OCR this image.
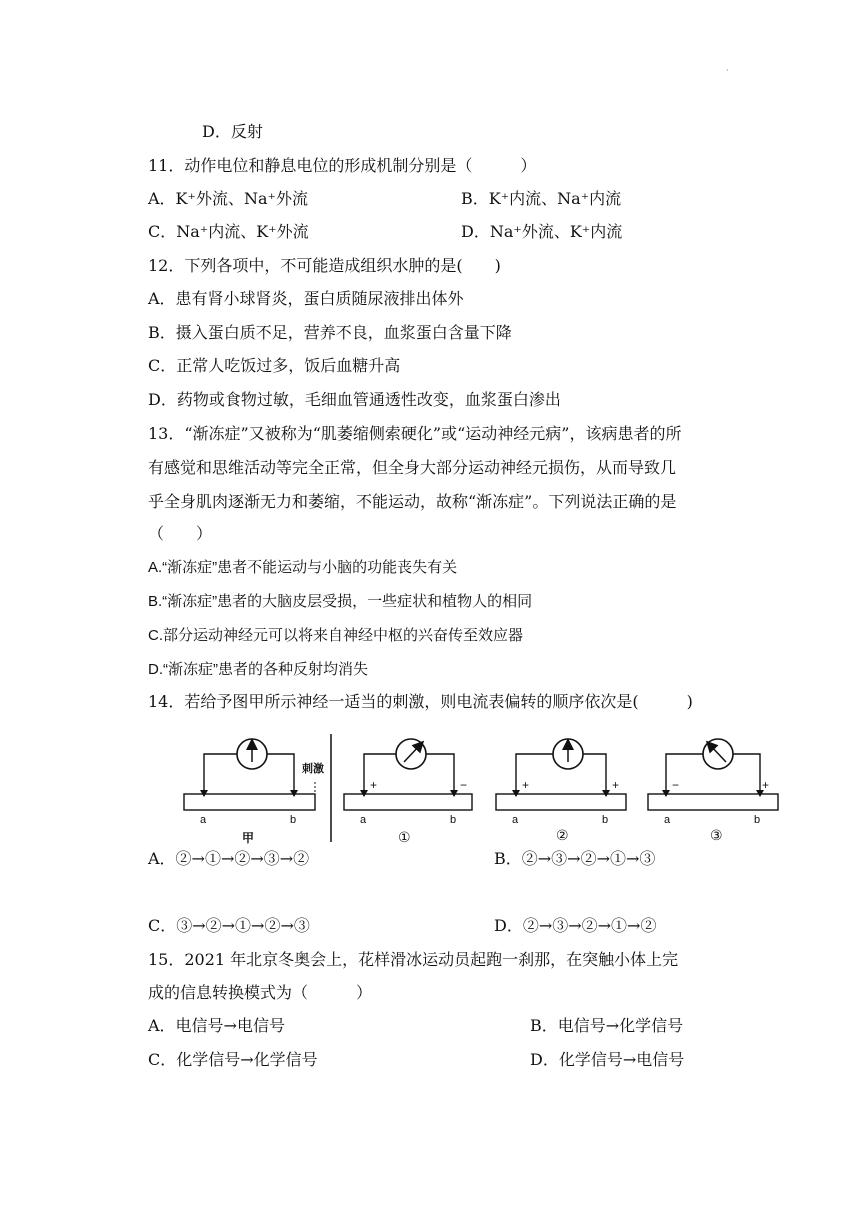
·
D．反射
11．动作电位和静息电位的形成机制分别是（　　　）
A．K⁺外流、Na⁺外流	B．K⁺内流、Na⁺内流
C．Na⁺内流、K⁺外流	D．Na⁺外流、K⁺内流
12．下列各项中，不可能造成组织水肿的是(　　)
A．患有肾小球肾炎，蛋白质随尿液排出体外
B．摄入蛋白质不足，营养不良，血浆蛋白含量下降
C．正常人吃饭过多，饭后血糖升高
D．药物或食物过敏，毛细血管通透性改变，血浆蛋白渗出
13．“渐冻症”又被称为“肌萎缩侧索硬化”或“运动神经元病”，该病患者的所
有感觉和思维活动等完全正常，但全身大部分运动神经元损伤，从而导致几
乎全身肌肉逐渐无力和萎缩，不能运动，故称“渐冻症”。下列说法正确的是
（　　）
A.“渐冻症”患者不能运动与小脑的功能丧失有关
B.“渐冻症”患者的大脑皮层受损，一些症状和植物人的相同
C.部分运动神经元可以将来自神经中枢的兴奋传至效应器
D.“渐冻症”患者的各种反射均消失
14．若给予图甲所示神经一适当的刺激，则电流表偏转的顺序依次是(　　　)
刺激
a	b
甲
+	−
a	b
①
+	+
a	b
②
−	+
a	b
③
A．②→①→②→③→②	B．②→③→②→①→③
C．③→②→①→②→③	D．②→③→②→①→②
15．2021 年北京冬奥会上，花样滑冰运动员起跑一刹那，在突触小体上完
成的信息转换模式为（　　　）
A．电信号→电信号	B．电信号→化学信号
C．化学信号→化学信号	D．化学信号→电信号
